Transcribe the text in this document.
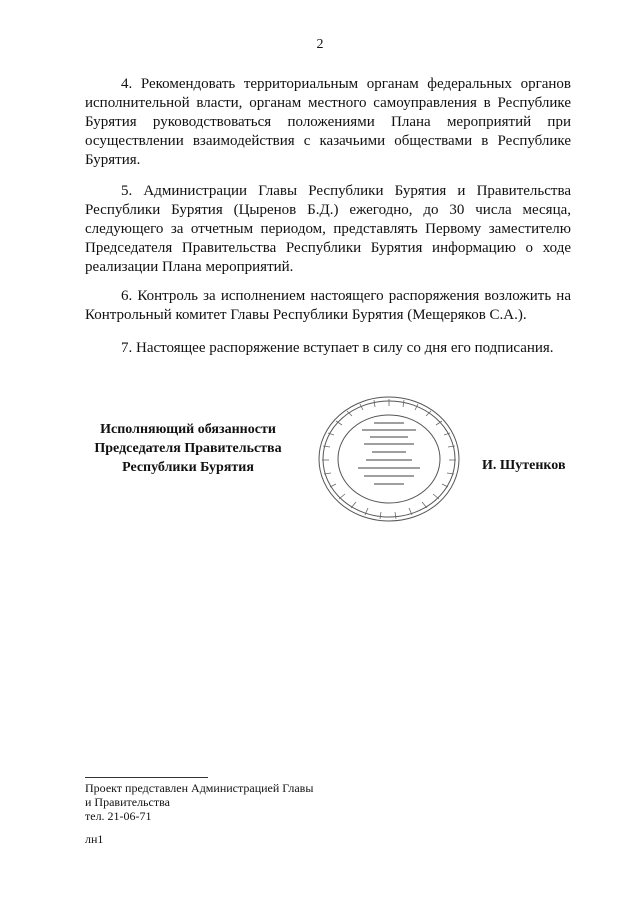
2

4. Рекомендовать территориальным органам федеральных органов исполнительной власти, органам местного самоуправления в Республике Бурятия руководствоваться положениями Плана мероприятий при осуществлении взаимодействия с казачьими обществами в Республике Бурятия.

5. Администрации Главы Республики Бурятия и Правительства Республики Бурятия (Цыренов Б.Д.) ежегодно, до 30 числа месяца, следующего за отчетным периодом, представлять Первому заместителю Председателя Правительства Республики Бурятия информацию о ходе реализации Плана мероприятий.

6. Контроль за исполнением настоящего распоряжения возложить на Контрольный комитет Главы Республики Бурятия (Мещеряков С.А.).

7. Настоящее распоряжение вступает в силу со дня его подписания.

Исполняющий обязанности
Председателя Правительства
Республики Бурятия	И. Шутенков
Проект представлен Администрацией Главы
и Правительства
тел. 21-06-71
лн1
